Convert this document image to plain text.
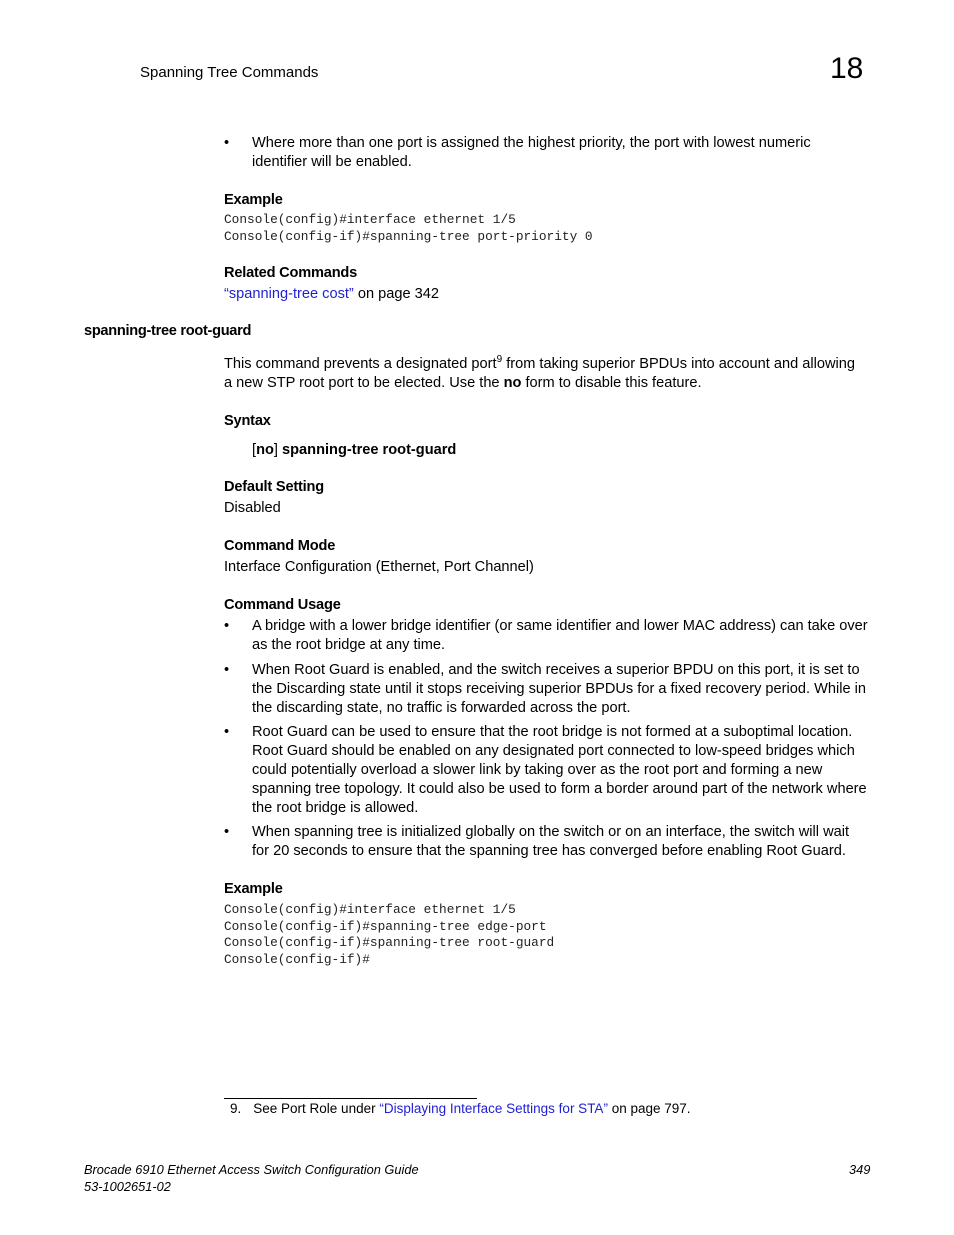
Spanning Tree Commands	18
• Where more than one port is assigned the highest priority, the port with lowest numeric identifier will be enabled.
Example
Console(config)#interface ethernet 1/5
Console(config-if)#spanning-tree port-priority 0
Related Commands
“spanning-tree cost” on page 342
spanning-tree root-guard
This command prevents a designated port$^9$ from taking superior BPDUs into account and allowing
a new STP root port to be elected. Use the no form to disable this feature.
Syntax
[no] spanning-tree root-guard
Default Setting
Disabled
Command Mode
Interface Configuration (Ethernet, Port Channel)
Command Usage
• A bridge with a lower bridge identifier (or same identifier and lower MAC address) can take over as the root bridge at any time.
• When Root Guard is enabled, and the switch receives a superior BPDU on this port, it is set to the Discarding state until it stops receiving superior BPDUs for a fixed recovery period. While in the discarding state, no traffic is forwarded across the port.
• Root Guard can be used to ensure that the root bridge is not formed at a suboptimal location. Root Guard should be enabled on any designated port connected to low-speed bridges which could potentially overload a slower link by taking over as the root port and forming a new spanning tree topology. It could also be used to form a border around part of the network where the root bridge is allowed.
• When spanning tree is initialized globally on the switch or on an interface, the switch will wait for 20 seconds to ensure that the spanning tree has converged before enabling Root Guard.
Example
Console(config)#interface ethernet 1/5
Console(config-if)#spanning-tree edge-port
Console(config-if)#spanning-tree root-guard
Console(config-if)#
9. See Port Role under “Displaying Interface Settings for STA” on page 797.
Brocade 6910 Ethernet Access Switch Configuration Guide
53-1002651-02
349
